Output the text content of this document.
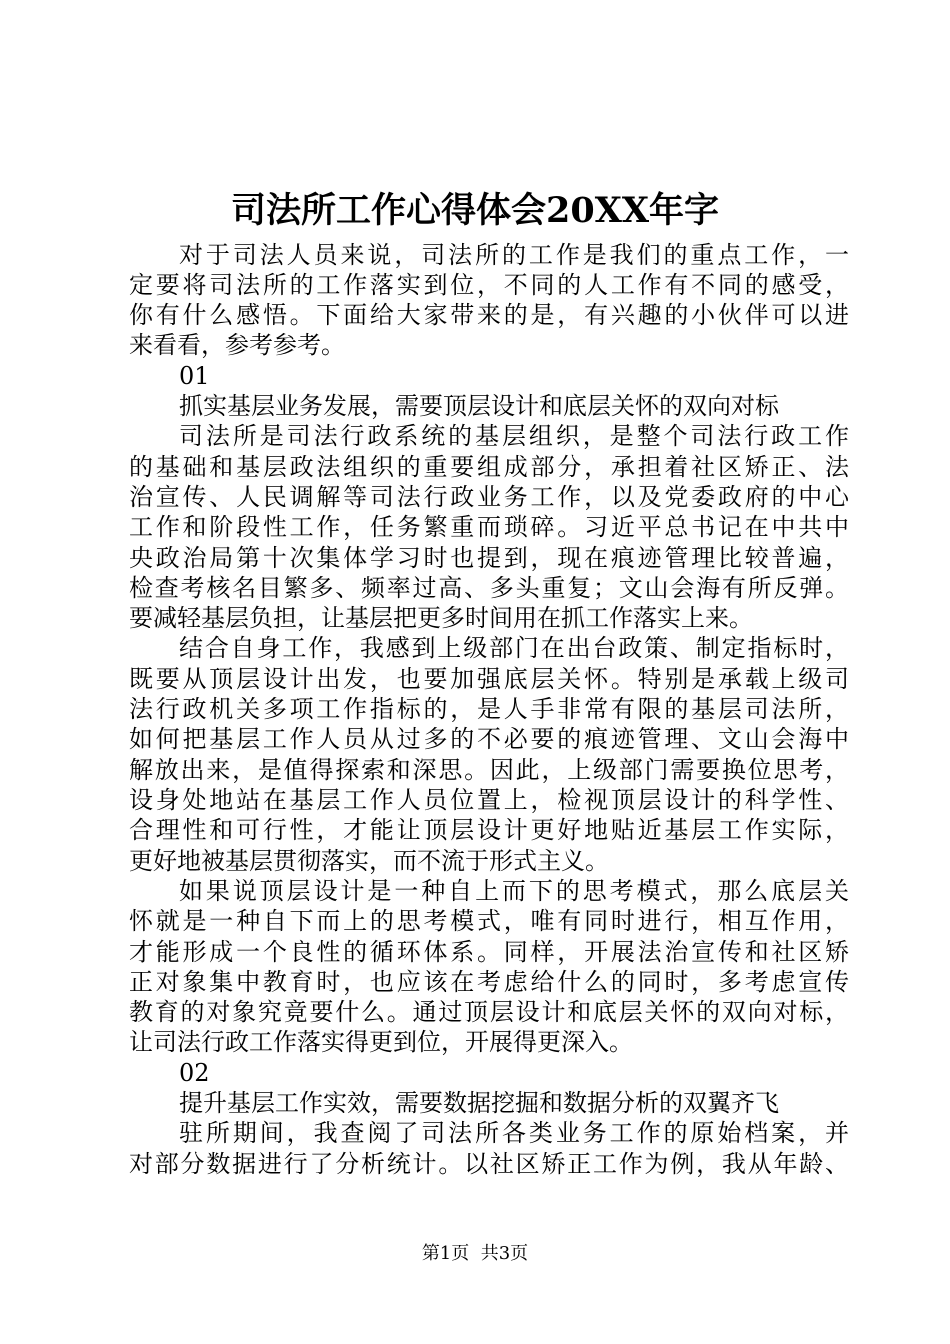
司法所工作心得体会20XX年字
对于司法人员来说，司法所的工作是我们的重点工作，一
定要将司法所的工作落实到位，不同的人工作有不同的感受，
你有什么感悟。下面给大家带来的是，有兴趣的小伙伴可以进
来看看，参考参考。
01
抓实基层业务发展，需要顶层设计和底层关怀的双向对标
司法所是司法行政系统的基层组织，是整个司法行政工作
的基础和基层政法组织的重要组成部分，承担着社区矫正、法
治宣传、人民调解等司法行政业务工作，以及党委政府的中心
工作和阶段性工作，任务繁重而琐碎。习近平总书记在中共中
央政治局第十次集体学习时也提到，现在痕迹管理比较普遍，
检查考核名目繁多、频率过高、多头重复；文山会海有所反弹。
要减轻基层负担，让基层把更多时间用在抓工作落实上来。
结合自身工作，我感到上级部门在出台政策、制定指标时，
既要从顶层设计出发，也要加强底层关怀。特别是承载上级司
法行政机关多项工作指标的，是人手非常有限的基层司法所，
如何把基层工作人员从过多的不必要的痕迹管理、文山会海中
解放出来，是值得探索和深思。因此，上级部门需要换位思考，
设身处地站在基层工作人员位置上，检视顶层设计的科学性、
合理性和可行性，才能让顶层设计更好地贴近基层工作实际，
更好地被基层贯彻落实，而不流于形式主义。
如果说顶层设计是一种自上而下的思考模式，那么底层关
怀就是一种自下而上的思考模式，唯有同时进行，相互作用，
才能形成一个良性的循环体系。同样，开展法治宣传和社区矫
正对象集中教育时，也应该在考虑给什么的同时，多考虑宣传
教育的对象究竟要什么。通过顶层设计和底层关怀的双向对标，
让司法行政工作落实得更到位，开展得更深入。
02
提升基层工作实效，需要数据挖掘和数据分析的双翼齐飞
驻所期间，我查阅了司法所各类业务工作的原始档案，并
对部分数据进行了分析统计。以社区矫正工作为例，我从年龄、
第1页  共3页
